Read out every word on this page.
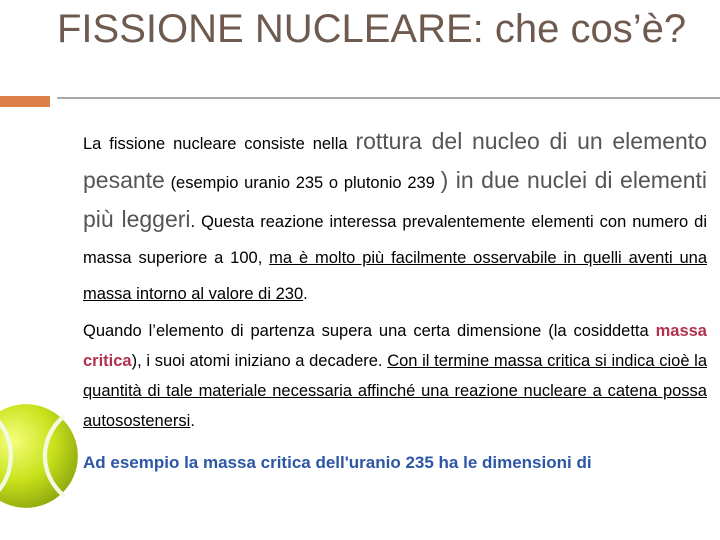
FISSIONE NUCLEARE: che cos’è?

La fissione nucleare consiste nella rottura del nucleo di un elemento pesante (esempio uranio 235 o plutonio 239 ) in due nuclei di elementi più leggeri. Questa reazione interessa prevalentemente elementi con numero di massa superiore a 100, ma è molto più facilmente osservabile in quelli aventi una massa intorno al valore di 230.

Quando l’elemento di partenza supera una certa dimensione (la cosiddetta massa critica), i suoi atomi iniziano a decadere. Con il termine massa critica si indica cioè la quantità di tale materiale necessaria affinché una reazione nucleare a catena possa autosostenersi.

Ad esempio la massa critica dell'uranio 235 ha le dimensioni di
